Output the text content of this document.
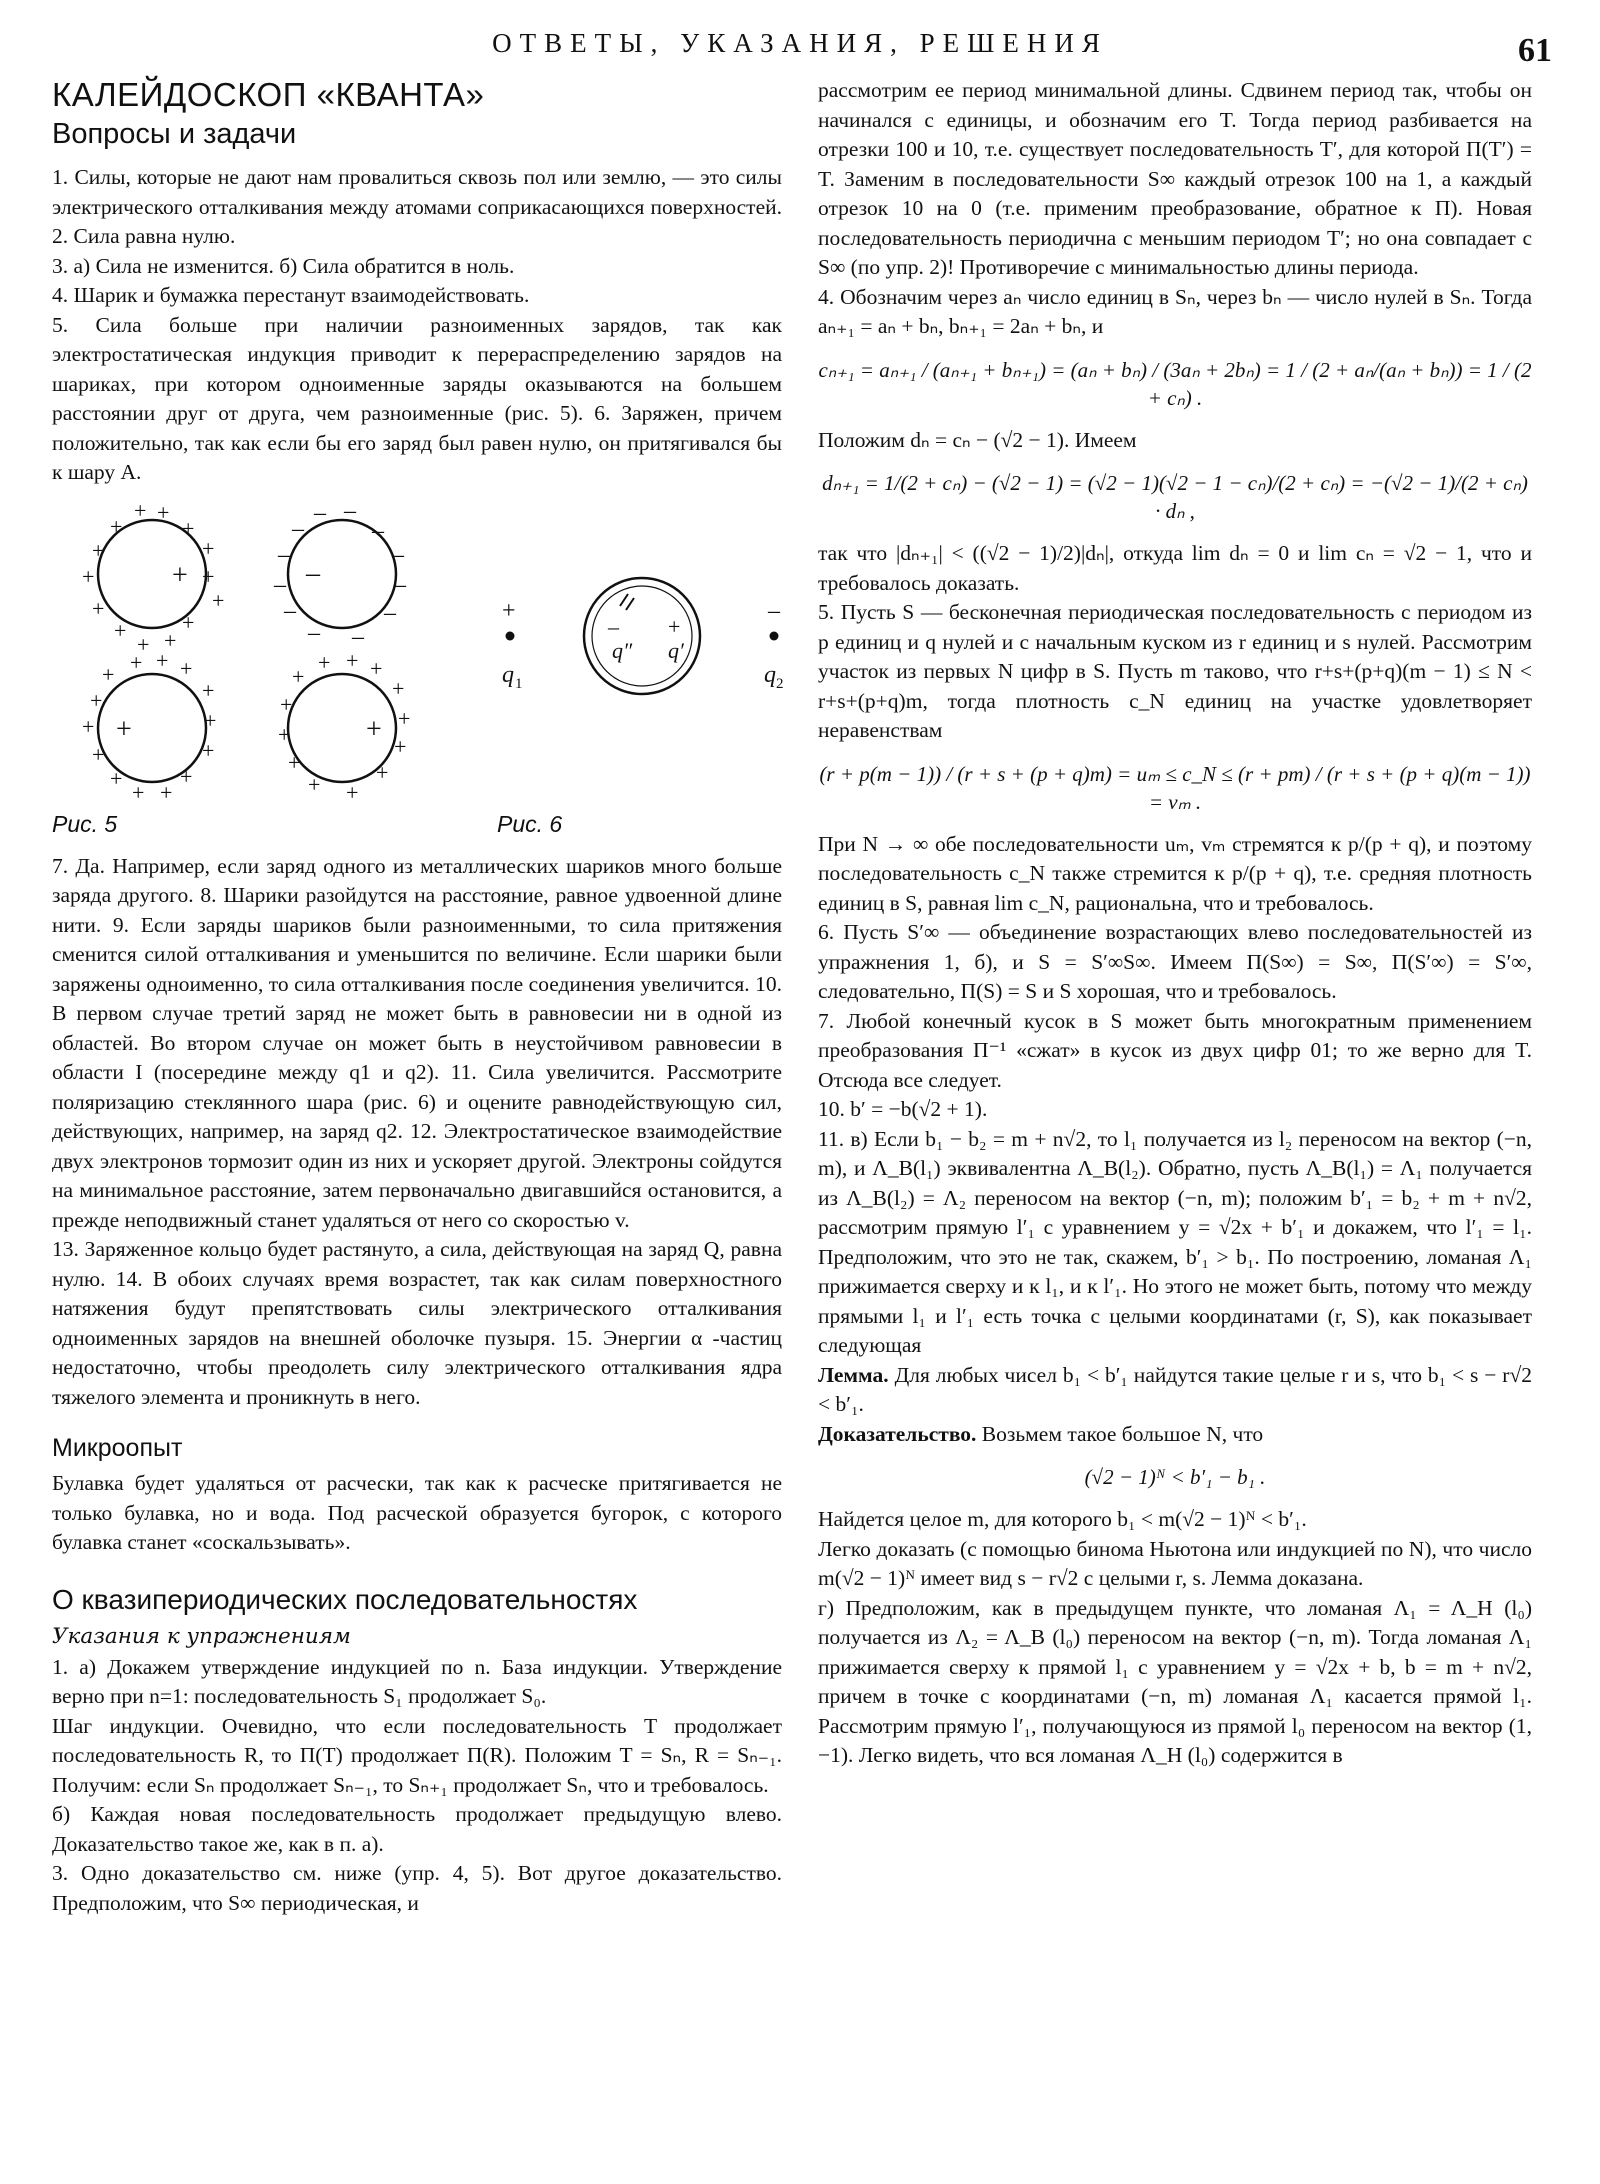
ОТВЕТЫ, УКАЗАНИЯ, РЕШЕНИЯ	61
КАЛЕЙДОСКОП «КВАНТА»
Вопросы и задачи

1. Силы, которые не дают нам провалиться сквозь пол или землю, — это силы электрического отталкивания между атомами соприкасающихся поверхностей. 2. Сила равна нулю.

3. а) Сила не изменится. б) Сила обратится в ноль.

4. Шарик и бумажка перестанут взаимодействовать.

5. Сила больше при наличии разноименных зарядов, так как электростатическая индукция приводит к перераспределению зарядов на шариках, при котором одноименные заряды оказываются на большем расстоянии друг от друга, чем разноименные (рис. 5). 6. Заряжен, причем положительно, так как если бы его заряд был равен нулю, он притягивался бы к шару A.

+ +
+	+
+	+
+	+
+
+
+
+ +
+
+
– –
–	–
–	–
–	–
–	–
– –
–
+ + +
+
+	+
+	+
+	+
+	+
+ +
+
+ + +
+	+
+
+
+	+
+	+
+ +
+
+
q 1
– +
q″ q′
–
q 2
Рис. 5	Рис. 6

7. Да. Например, если заряд одного из металлических шариков много больше заряда другого. 8. Шарики разойдутся на расстояние, равное удвоенной длине нити. 9. Если заряды шариков были разноименными, то сила притяжения сменится силой отталкивания и уменьшится по величине. Если шарики были заряжены одноименно, то сила отталкивания после соединения увеличится. 10. В первом случае третий заряд не может быть в равновесии ни в одной из областей. Во втором случае он может быть в неустойчивом равновесии в области I (посередине между q1 и q2). 11. Сила увеличится. Рассмотрите поляризацию стеклянного шара (рис. 6) и оцените равнодействующую сил, действующих, например, на заряд q2. 12. Электростатическое взаимодействие двух электронов тормозит один из них и ускоряет другой. Электроны сойдутся на минимальное расстояние, затем первоначально двигавшийся остановится, а прежде неподвижный станет удаляться от него со скоростью v.

13. Заряженное кольцо будет растянуто, а сила, действующая на заряд Q, равна нулю. 14. В обоих случаях время возрастет, так как силам поверхностного натяжения будут препятствовать силы электрического отталкивания одноименных зарядов на внешней оболочке пузыря. 15. Энергии α -частиц недостаточно, чтобы преодолеть силу электрического отталкивания ядра тяжелого элемента и проникнуть в него.

Микроопыт

Булавка будет удаляться от расчески, так как к расческе притягивается не только булавка, но и вода. Под расческой образуется бугорок, с которого булавка станет «соскальзывать».

О квазипериодических последовательностях
Указания к упражнениям

1. а) Докажем утверждение индукцией по n. База индукции. Утверждение верно при n=1: последовательность S₁ продолжает S₀.

Шаг индукции. Очевидно, что если последовательность T продолжает последовательность R, то П(T) продолжает П(R). Положим T = Sₙ, R = Sₙ₋₁. Получим: если Sₙ продолжает Sₙ₋₁, то Sₙ₊₁ продолжает Sₙ, что и требовалось.

б) Каждая новая последовательность продолжает предыдущую влево. Доказательство такое же, как в п. а).

3. Одно доказательство см. ниже (упр. 4, 5). Вот другое доказательство. Предположим, что S∞ периодическая, и

рассмотрим ее период минимальной длины. Сдвинем период так, чтобы он начинался с единицы, и обозначим его T. Тогда период разбивается на отрезки 100 и 10, т.е. существует последовательность T′, для которой П(T′) = T. Заменим в последовательности S∞ каждый отрезок 100 на 1, а каждый отрезок 10 на 0 (т.е. применим преобразование, обратное к П). Новая последовательность периодична с меньшим периодом T′; но она совпадает с S∞ (по упр. 2)! Противоречие с минимальностью длины периода.

4. Обозначим через aₙ число единиц в Sₙ, через bₙ — число нулей в Sₙ. Тогда aₙ₊₁ = aₙ + bₙ, bₙ₊₁ = 2aₙ + bₙ, и

cₙ₊₁ = aₙ₊₁ / (aₙ₊₁ + bₙ₊₁) = (aₙ + bₙ) / (3aₙ + 2bₙ) = 1 / (2 + aₙ/(aₙ + bₙ)) = 1 / (2 + cₙ) .

Положим dₙ = cₙ − (√2 − 1). Имеем

dₙ₊₁ = 1/(2 + cₙ) − (√2 − 1) = (√2 − 1)(√2 − 1 − cₙ)/(2 + cₙ) = −(√2 − 1)/(2 + cₙ) · dₙ ,

так что |dₙ₊₁| < ((√2 − 1)/2)|dₙ|, откуда lim dₙ = 0 и lim cₙ = √2 − 1, что и требовалось доказать.

5. Пусть S — бесконечная периодическая последовательность с периодом из p единиц и q нулей и с начальным куском из r единиц и s нулей. Рассмотрим участок из первых N цифр в S. Пусть m таково, что r+s+(p+q)(m − 1) ≤ N < r+s+(p+q)m, тогда плотность c_N единиц на участке удовлетворяет неравенствам

(r + p(m − 1)) / (r + s + (p + q)m) = uₘ ≤ c_N ≤ (r + pm) / (r + s + (p + q)(m − 1)) = vₘ .

При N → ∞ обе последовательности uₘ, vₘ стремятся к p/(p + q), и поэтому последовательность c_N также стремится к p/(p + q), т.е. средняя плотность единиц в S, равная lim c_N, рациональна, что и требовалось.

6. Пусть S′∞ — объединение возрастающих влево последовательностей из упражнения 1, б), и S = S′∞S∞. Имеем П(S∞) = S∞, П(S′∞) = S′∞, следовательно, П(S) = S и S хорошая, что и требовалось.

7. Любой конечный кусок в S может быть многократным применением преобразования П⁻¹ «сжат» в кусок из двух цифр 01; то же верно для T. Отсюда все следует.

10. b′ = −b(√2 + 1).

11. в) Если b₁ − b₂ = m + n√2, то l₁ получается из l₂ переносом на вектор (−n, m), и Λ_B(l₁) эквивалентна Λ_B(l₂). Обратно, пусть Λ_B(l₁) = Λ₁ получается из Λ_B(l₂) = Λ₂ переносом на вектор (−n, m); положим b′₁ = b₂ + m + n√2, рассмотрим прямую l′₁ с уравнением y = √2x + b′₁ и докажем, что l′₁ = l₁. Предположим, что это не так, скажем, b′₁ > b₁. По построению, ломаная Λ₁ прижимается сверху и к l₁, и к l′₁. Но этого не может быть, потому что между прямыми l₁ и l′₁ есть точка с целыми координатами (r, S), как показывает следующая

Лемма. Для любых чисел b₁ < b′₁ найдутся такие целые r и s, что b₁ < s − r√2 < b′₁.

Доказательство. Возьмем такое большое N, что

(√2 − 1)ᴺ < b′₁ − b₁ .

Найдется целое m, для которого b₁ < m(√2 − 1)ᴺ < b′₁.

Легко доказать (с помощью бинома Ньютона или индукцией по N), что число m(√2 − 1)ᴺ имеет вид s − r√2 с целыми r, s. Лемма доказана.

г) Предположим, как в предыдущем пункте, что ломаная Λ₁ = Λ_H (l₀) получается из Λ₂ = Λ_B (l₀) переносом на вектор (−n, m). Тогда ломаная Λ₁ прижимается сверху к прямой l₁ с уравнением y = √2x + b, b = m + n√2, причем в точке с координатами (−n, m) ломаная Λ₁ касается прямой l₁. Рассмотрим прямую l′₁, получающуюся из прямой l₀ переносом на вектор (1, −1). Легко видеть, что вся ломаная Λ_H (l₀) содержится в
